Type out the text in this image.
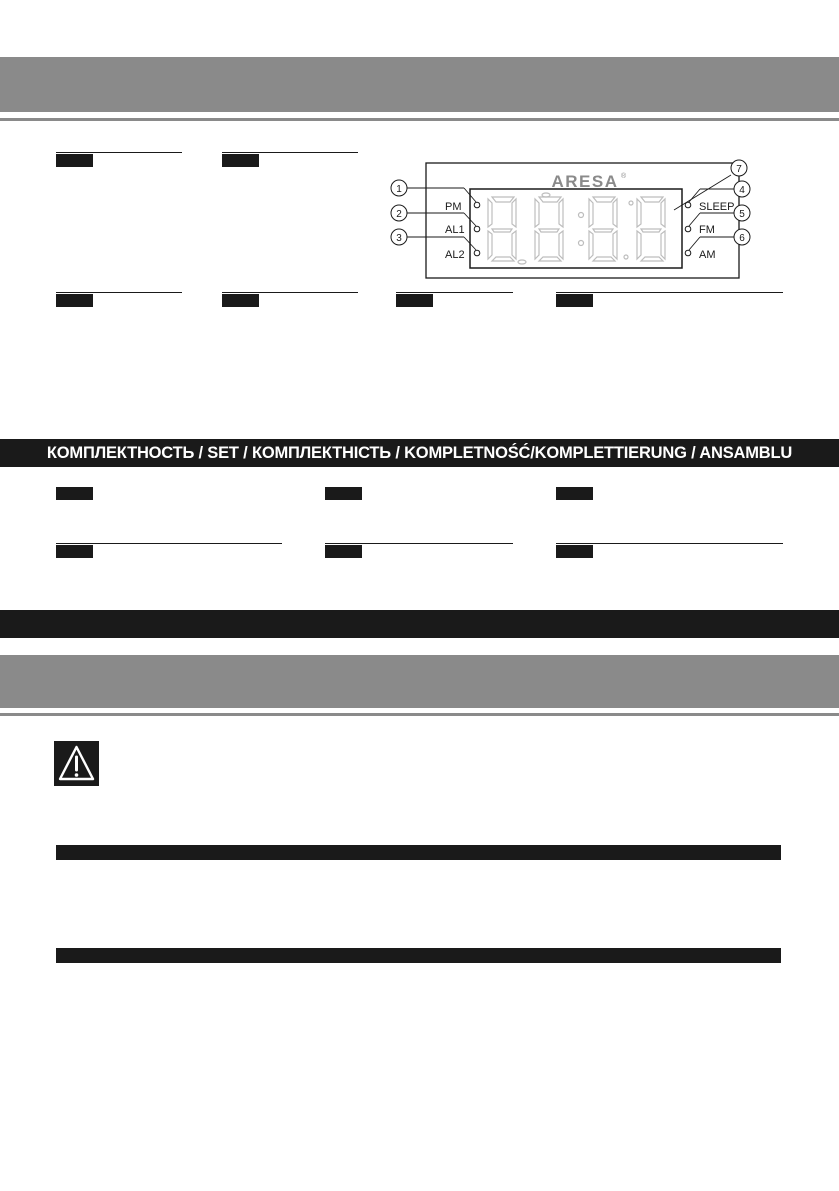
ARESA ®
PM
AL1
AL2
SLEEP
FM
AM
1
2
3
4
5
6
7
КОМПЛЕКТНОСТЬ / SET / КОМПЛЕКТНІСТЬ / KOMPLETNOŚĆ/KOMPLETTIERUNG / ANSAMBLU
